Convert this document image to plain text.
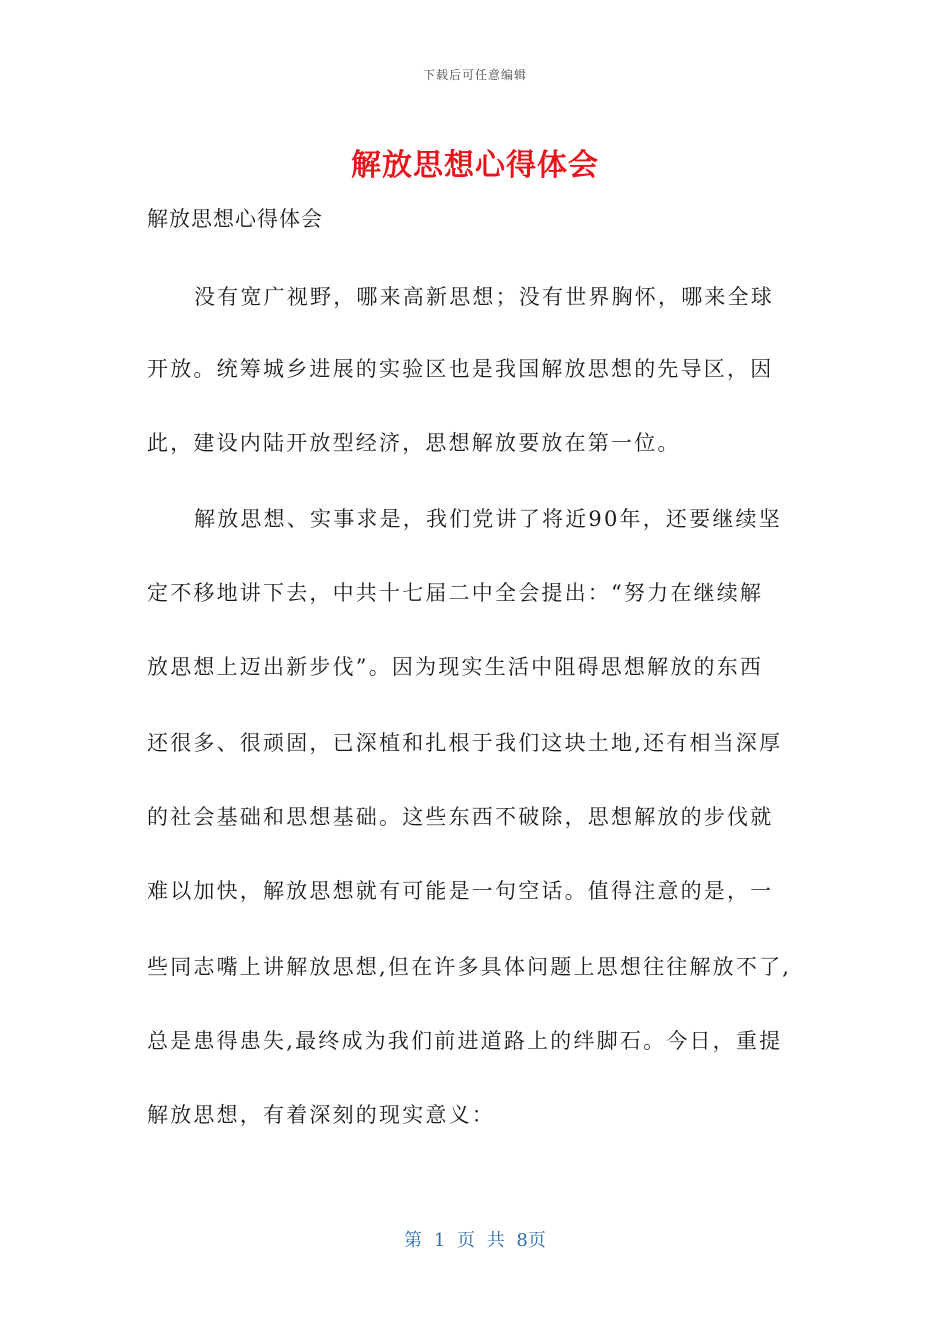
下载后可任意编辑
解放思想心得体会
解放思想心得体会
没有宽广视野，哪来高新思想；没有世界胸怀，哪来全球
开放。统筹城乡进展的实验区也是我国解放思想的先导区，因
此，建设内陆开放型经济，思想解放要放在第一位。
解放思想、实事求是，我们党讲了将近90年，还要继续坚
定不移地讲下去，中共十七届二中全会提出：“努力在继续解
放思想上迈出新步伐”。因为现实生活中阻碍思想解放的东西
还很多、很顽固，已深植和扎根于我们这块土地,还有相当深厚
的社会基础和思想基础。这些东西不破除，思想解放的步伐就
难以加快，解放思想就有可能是一句空话。值得注意的是，一
些同志嘴上讲解放思想,但在许多具体问题上思想往往解放不了,
总是患得患失,最终成为我们前进道路上的绊脚石。今日，重提
解放思想，有着深刻的现实意义：
第 1 页 共 8页
